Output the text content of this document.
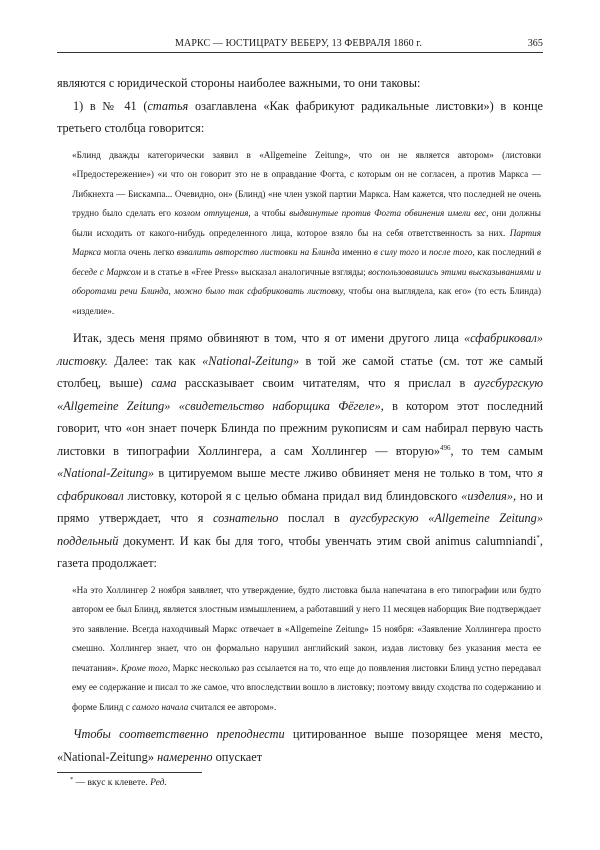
МАРКС — ЮСТИЦРАТУ ВЕБЕРУ, 13 ФЕВРАЛЯ 1860 г.	365

являются с юридической стороны наиболее важными, то они таковы:

1) в № 41 (статья озаглавлена «Как фабрикуют радикальные листовки») в конце третьего столбца говорится:

«Блинд дважды категорически заявил в «Allgemeine Zeitung», что он не является автором» (листовки «Предостережение») «и что он говорит это не в оправдание Фогта, с которым он не согласен, а против Маркса — Либкнехта — Бискампа... Очевидно, он» (Блинд) «не член узкой партии Маркса. Нам кажется, что последней не очень трудно было сделать его козлом отпущения, а чтобы выдвинутые против Фогта обвинения имели вес, они должны были исходить от какого-нибудь определенного лица, которое взяло бы на себя ответственность за них. Партия Маркса могла очень легко взвалить авторство листовки на Блинда именно в силу того и после того, как последний в беседе с Марксом и в статье в «Free Press» высказал аналогичные взгляды; воспользовавшись этими высказываниями и оборотами речи Блинда, можно было так сфабриковать листовку, чтобы она выглядела, как его» (то есть Блинда) «изделие».

Итак, здесь меня прямо обвиняют в том, что я от имени другого лица «сфабриковал» листовку. Далее: так как «National-Zeitung» в той же самой статье (см. тот же самый столбец, выше) сама рассказывает своим читателям, что я прислал в аугсбургскую «Allgemeine Zeitung» «свидетельство наборщика Фёгеле», в котором этот последний говорит, что «он знает почерк Блинда по прежним рукописям и сам набирал первую часть листовки в типографии Холлингера, а сам Холлингер — вторую»$^{496}$, то тем самым «National-Zeitung» в цитируемом выше месте лживо обвиняет меня не только в том, что я сфабриковал листовку, которой я с целью обмана придал вид блиндовского «изделия», но и прямо утверждает, что я сознательно послал в аугсбургскую «Allgemeine Zeitung» поддельный документ. И как бы для того, чтобы увенчать этим свой animus calumniandi*, газета продолжает:

«На это Холлингер 2 ноября заявляет, что утверждение, будто листовка была напечатана в его типографии или будто автором ее был Блинд, является злостным измышлением, а работавший у него 11 месяцев наборщик Вие подтверждает это заявление. Всегда находчивый Маркс отвечает в «Allgemeine Zeitung» 15 ноября: «Заявление Холлингера просто смешно. Холлингер знает, что он формально нарушил английский закон, издав листовку без указания места ее печатания». Кроме того, Маркс несколько раз ссылается на то, что еще до появления листовки Блинд устно передавал ему ее содержание и писал то же самое, что впоследствии вошло в листовку; поэтому ввиду сходства по содержанию и форме Блинд с самого начала считался ее автором».

Чтобы соответственно преподнести цитированное выше позорящее меня место, «National-Zeitung» намеренно опускает

* — вкус к клевете. Ред.
